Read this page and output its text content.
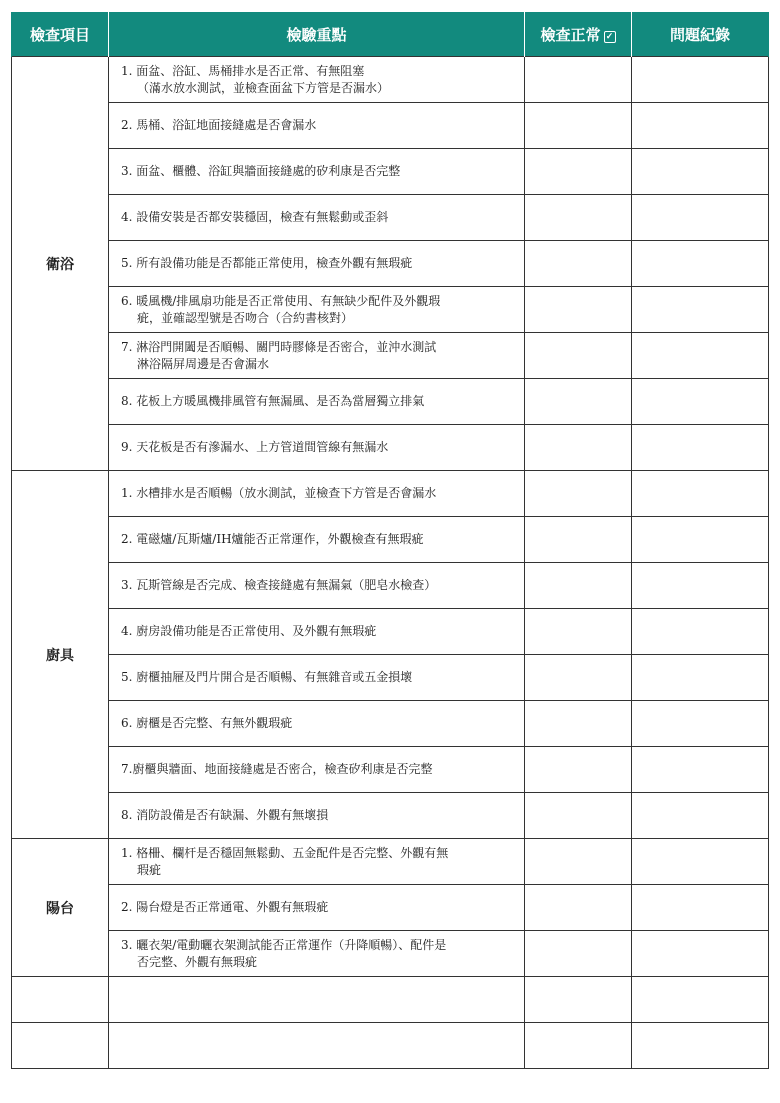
檢查項目	檢驗重點	檢查正常 ✓	問題紀錄
衛浴	1. 面盆、浴缸、馬桶排水是否正常、有無阻塞
（滿水放水測試，並檢查面盆下方管是否漏水）		

	2. 馬桶、浴缸地面接縫處是否會漏水		

	3. 面盆、櫃體、浴缸與牆面接縫處的矽利康是否完整		

	4. 設備安裝是否都安裝穩固，檢查有無鬆動或歪斜		

	5. 所有設備功能是否都能正常使用，檢查外觀有無瑕疵		

	6. 暖風機/排風扇功能是否正常使用、有無缺少配件及外觀瑕
疵，並確認型號是否吻合（合約書核對）		

	7. 淋浴門開闔是否順暢、關門時膠條是否密合，並沖水測試
淋浴隔屏周邊是否會漏水		

	8. 花板上方暖風機排風管有無漏風、是否為當層獨立排氣		

	9. 天花板是否有滲漏水、上方管道間管線有無漏水		

廚具	1. 水槽排水是否順暢（放水測試，並檢查下方管是否會漏水		

	2. 電磁爐/瓦斯爐/IH爐能否正常運作，外觀檢查有無瑕疵		

	3. 瓦斯管線是否完成、檢查接縫處有無漏氣（肥皂水檢查）		

	4. 廚房設備功能是否正常使用、及外觀有無瑕疵		

	5. 廚櫃抽屜及門片開合是否順暢、有無雜音或五金損壞		

	6. 廚櫃是否完整、有無外觀瑕疵		

	7.廚櫃與牆面、地面接縫處是否密合，檢查矽利康是否完整		

	8. 消防設備是否有缺漏、外觀有無壞損		

陽台	1. 格柵、欄杆是否穩固無鬆動、五金配件是否完整、外觀有無
瑕疵		

	2. 陽台燈是否正常通電、外觀有無瑕疵		

	3. 曬衣架/電動曬衣架測試能否正常運作（升降順暢）、配件是
否完整、外觀有無瑕疵		
